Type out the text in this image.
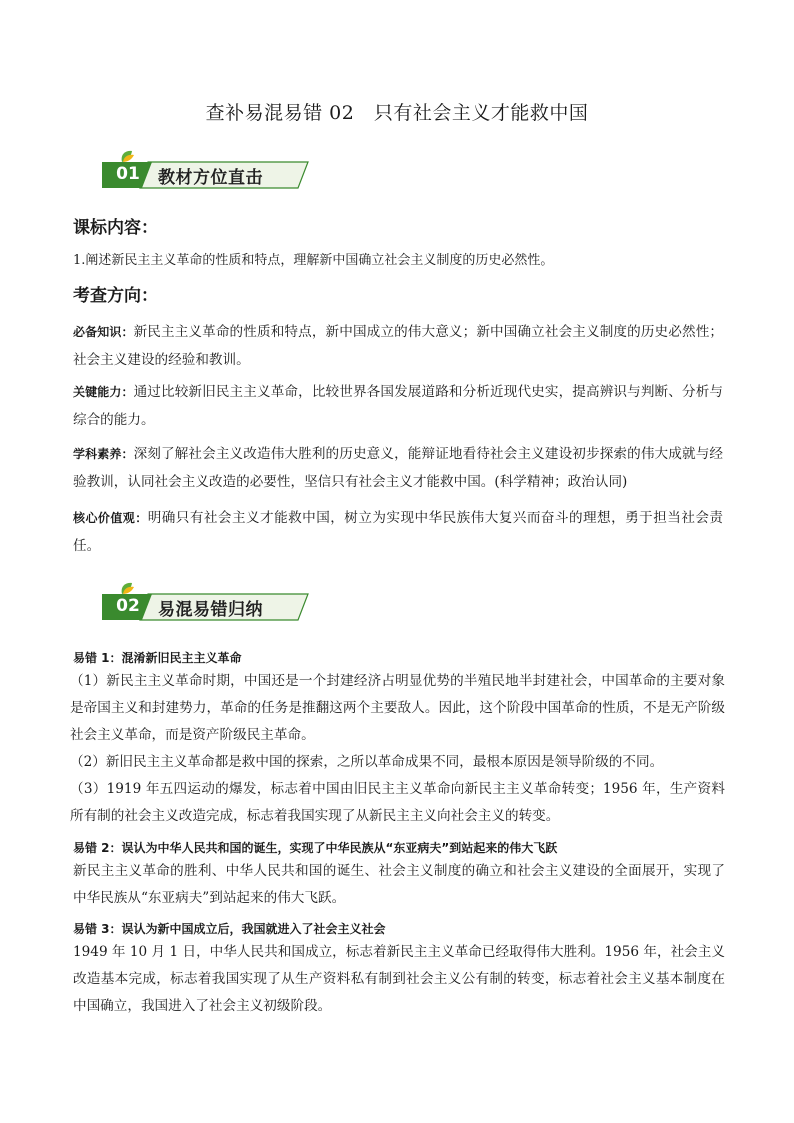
查补易混易错 02　只有社会主义才能救中国
01	教材方位直击
课标内容：
1.阐述新民主主义革命的性质和特点，理解新中国确立社会主义制度的历史必然性。
考查方向：
必备知识：新民主主义革命的性质和特点，新中国成立的伟大意义；新中国确立社会主义制度的历史必然性；社会主义建设的经验和教训。
关键能力：通过比较新旧民主主义革命，比较世界各国发展道路和分析近现代史实，提高辨识与判断、分析与综合的能力。
学科素养：深刻了解社会主义改造伟大胜利的历史意义，能辩证地看待社会主义建设初步探索的伟大成就与经验教训，认同社会主义改造的必要性，坚信只有社会主义才能救中国。(科学精神；政治认同)
核心价值观：明确只有社会主义才能救中国，树立为实现中华民族伟大复兴而奋斗的理想，勇于担当社会责任。
02	易混易错归纳
易错 1：混淆新旧民主主义革命
（1）新民主主义革命时期，中国还是一个封建经济占明显优势的半殖民地半封建社会，中国革命的主要对象是帝国主义和封建势力，革命的任务是推翻这两个主要敌人。因此，这个阶段中国革命的性质，不是无产阶级社会主义革命，而是资产阶级民主革命。
（2）新旧民主主义革命都是救中国的探索，之所以革命成果不同，最根本原因是领导阶级的不同。
（3）1919 年五四运动的爆发，标志着中国由旧民主主义革命向新民主主义革命转变；1956 年，生产资料所有制的社会主义改造完成，标志着我国实现了从新民主主义向社会主义的转变。
易错 2：误认为中华人民共和国的诞生，实现了中华民族从“东亚病夫”到站起来的伟大飞跃
新民主主义革命的胜利、中华人民共和国的诞生、社会主义制度的确立和社会主义建设的全面展开，实现了中华民族从“东亚病夫”到站起来的伟大飞跃。
易错 3：误认为新中国成立后，我国就进入了社会主义社会
1949 年 10 月 1 日，中华人民共和国成立，标志着新民主主义革命已经取得伟大胜利。1956 年，社会主义改造基本完成，标志着我国实现了从生产资料私有制到社会主义公有制的转变，标志着社会主义基本制度在中国确立，我国进入了社会主义初级阶段。
